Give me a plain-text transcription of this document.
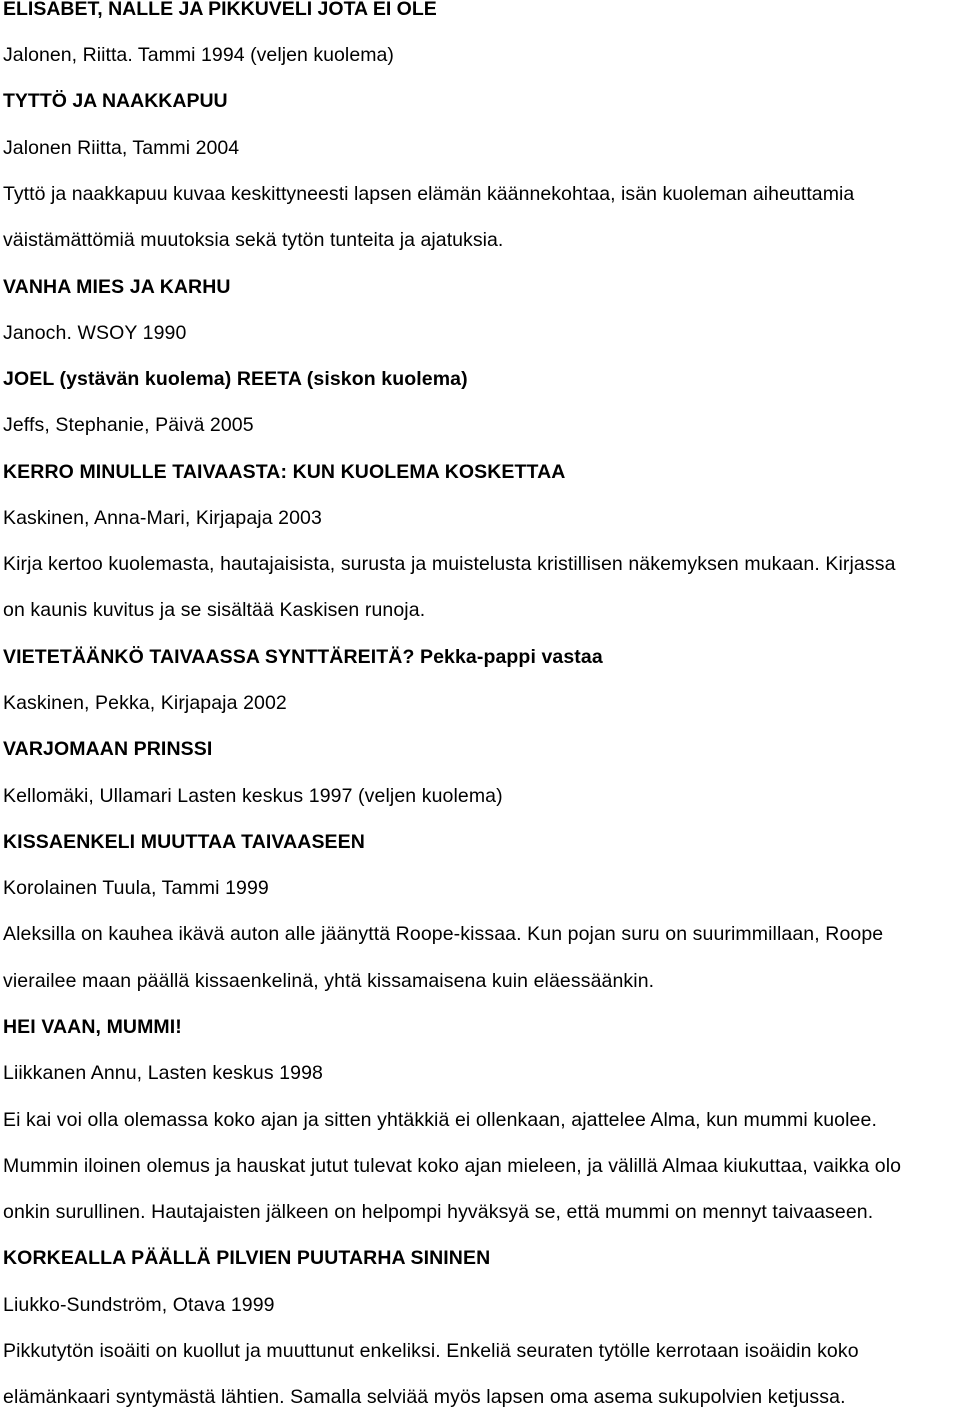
ELISABET, NALLE JA PIKKUVELI JOTA EI OLE
Jalonen, Riitta. Tammi 1994 (veljen kuolema)
TYTTÖ JA NAAKKAPUU
Jalonen Riitta, Tammi 2004
Tyttö ja naakkapuu kuvaa keskittyneesti lapsen elämän käännekohtaa, isän kuoleman aiheuttamia
väistämättömiä muutoksia sekä tytön tunteita ja ajatuksia.
VANHA MIES JA KARHU
Janoch. WSOY 1990
JOEL (ystävän kuolema) REETA (siskon kuolema)
Jeffs, Stephanie, Päivä 2005
KERRO MINULLE TAIVAASTA: KUN KUOLEMA KOSKETTAA
Kaskinen, Anna-Mari, Kirjapaja 2003
Kirja kertoo kuolemasta, hautajaisista, surusta ja muistelusta kristillisen näkemyksen mukaan. Kirjassa
on kaunis kuvitus ja se sisältää Kaskisen runoja.
VIETETÄÄNKÖ TAIVAASSA SYNTTÄREITÄ? Pekka-pappi vastaa
Kaskinen, Pekka, Kirjapaja 2002
VARJOMAAN PRINSSI
Kellomäki, Ullamari Lasten keskus 1997 (veljen kuolema)
KISSAENKELI MUUTTAA TAIVAASEEN
Korolainen Tuula, Tammi 1999
Aleksilla on kauhea ikävä auton alle jäänyttä Roope-kissaa. Kun pojan suru on suurimmillaan, Roope
vierailee maan päällä kissaenkelinä, yhtä kissamaisena kuin eläessäänkin.
HEI VAAN, MUMMI!
Liikkanen Annu, Lasten keskus 1998
Ei kai voi olla olemassa koko ajan ja sitten yhtäkkiä ei ollenkaan, ajattelee Alma, kun mummi kuolee.
Mummin iloinen olemus ja hauskat jutut tulevat koko ajan mieleen, ja välillä Almaa kiukuttaa, vaikka olo
onkin surullinen. Hautajaisten jälkeen on helpompi hyväksyä se, että mummi on mennyt taivaaseen.
KORKEALLA PÄÄLLÄ PILVIEN PUUTARHA SININEN
Liukko-Sundström, Otava 1999
Pikkutytön isoäiti on kuollut ja muuttunut enkeliksi. Enkeliä seuraten tytölle kerrotaan isoäidin koko
elämänkaari syntymästä lähtien. Samalla selviää myös lapsen oma asema sukupolvien ketjussa.
